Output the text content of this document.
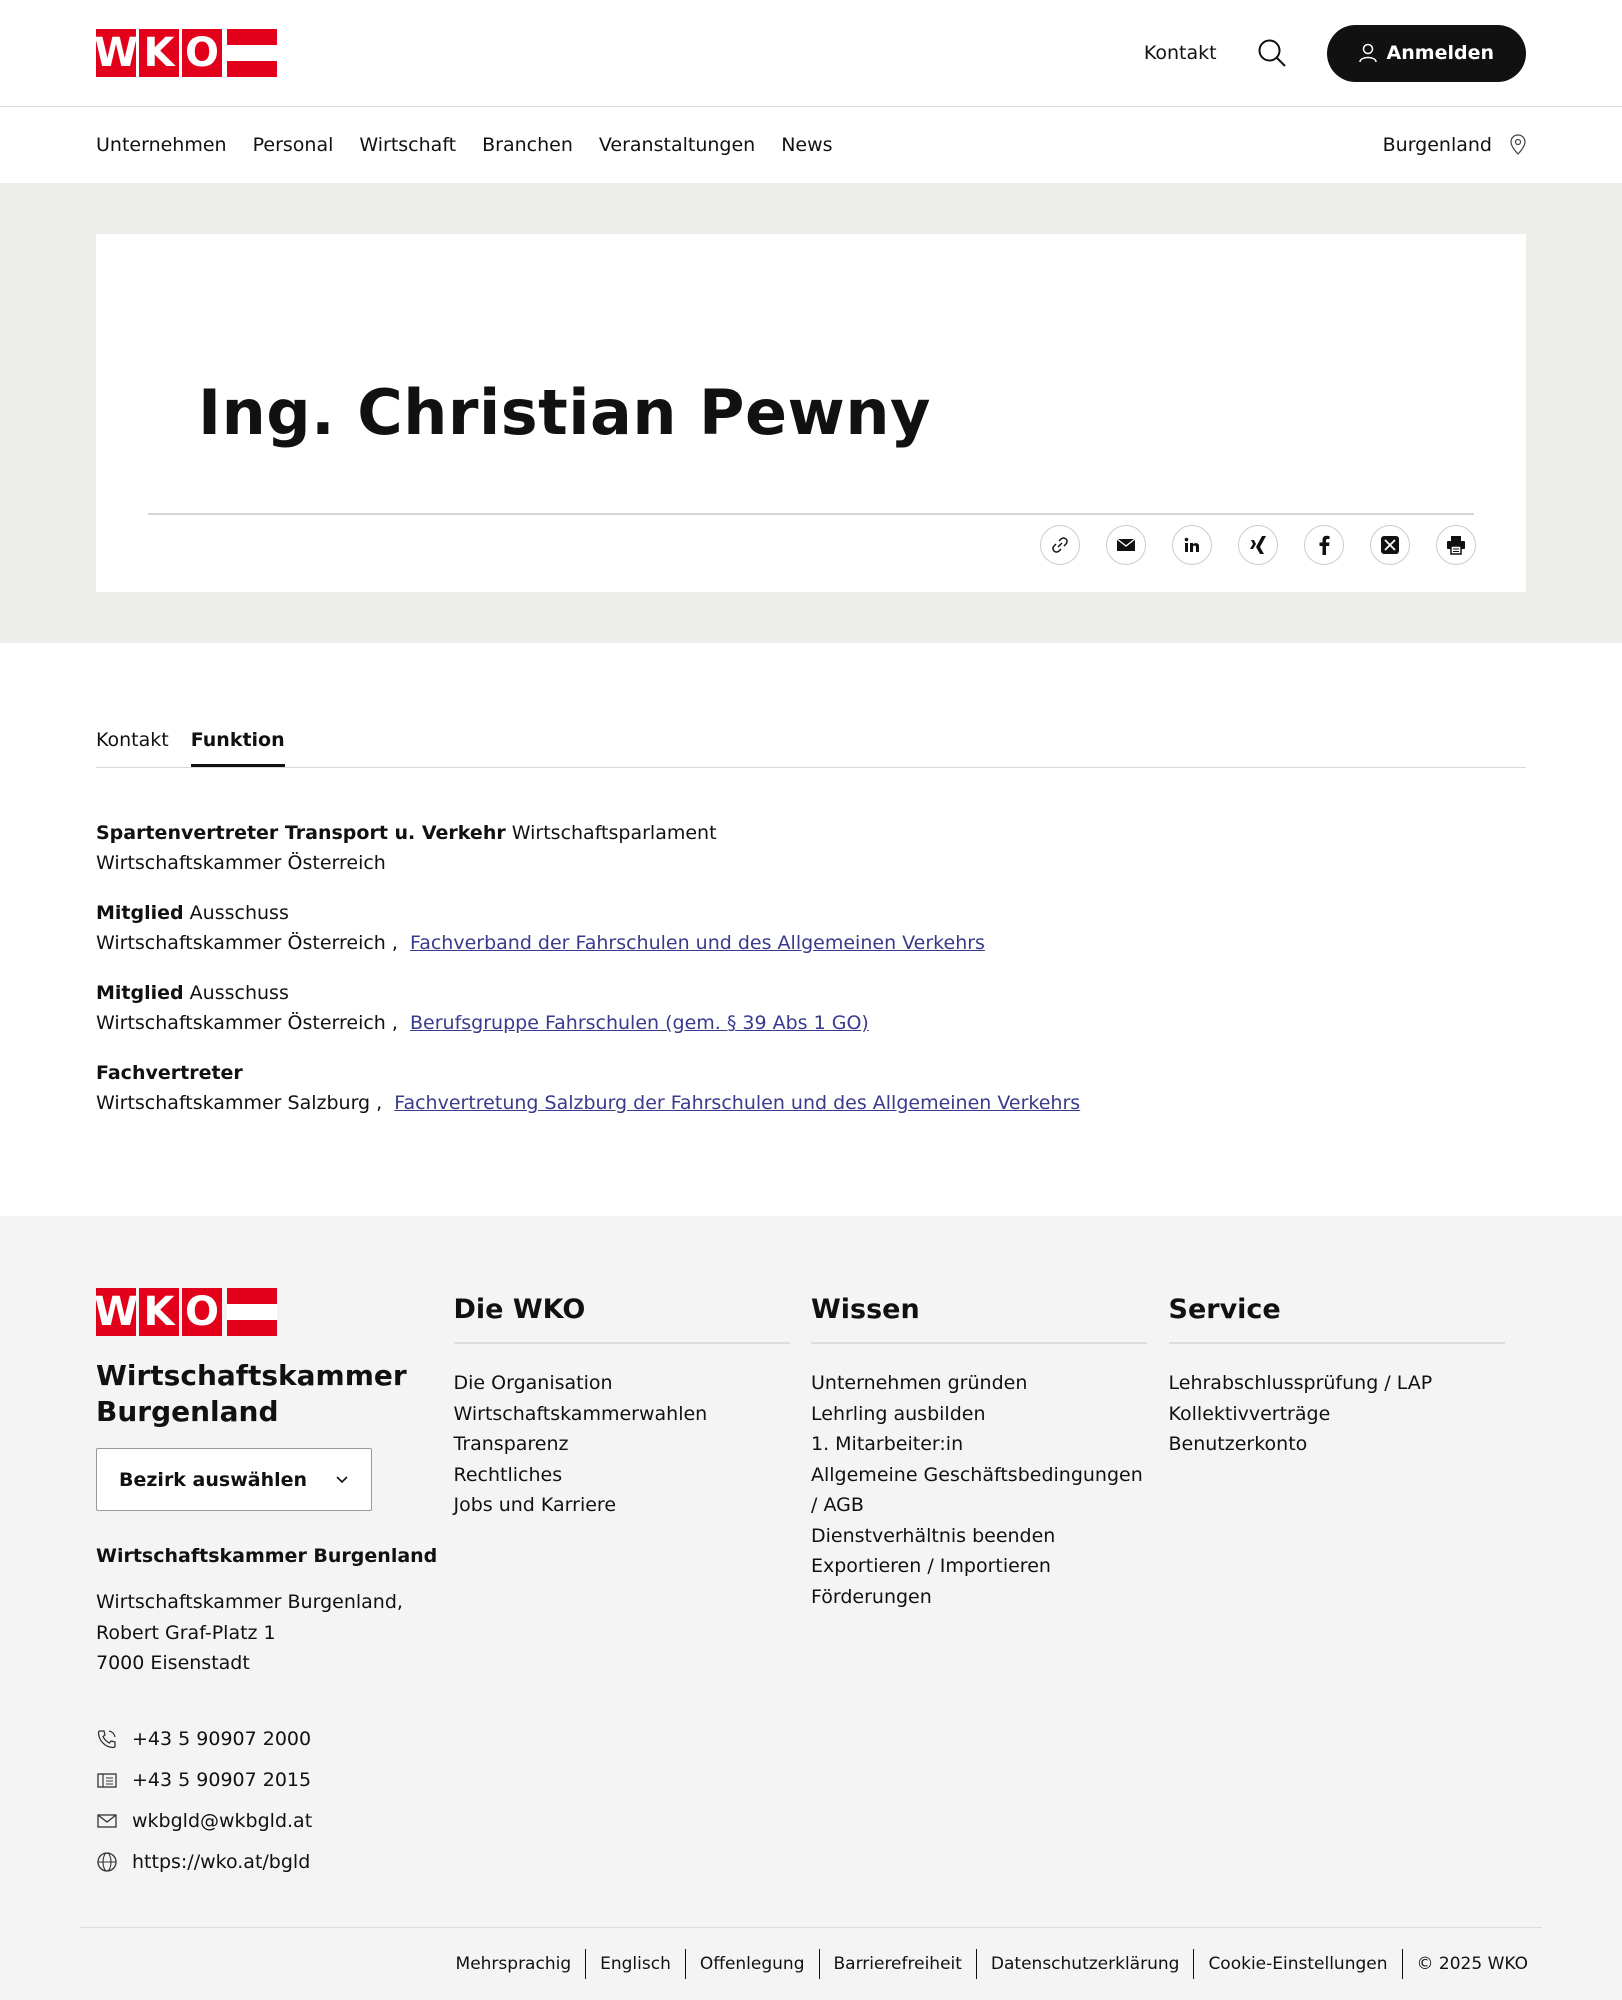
W K O	Kontakt	Anmelden
Unternehmen Personal Wirtschaft Branchen Veranstaltungen News	Burgenland
Ing. Christian Pewny
Kontakt Funktion
Spartenvertreter Transport u. Verkehr Wirtschaftsparlament
Wirtschaftskammer Österreich
Mitglied Ausschuss
Wirtschaftskammer Österreich , Fachverband der Fahrschulen und des Allgemeinen Verkehrs
Mitglied Ausschuss
Wirtschaftskammer Österreich , Berufsgruppe Fahrschulen (gem. § 39 Abs 1 GO)
Fachvertreter
Wirtschaftskammer Salzburg , Fachvertretung Salzburg der Fahrschulen und des Allgemeinen Verkehrs
W K O
Wirtschaftskammer
Burgenland
Bezirk auswählen
Wirtschaftskammer Burgenland
Wirtschaftskammer Burgenland,
Robert Graf-Platz 1
7000 Eisenstadt
+43 5 90907 2000
+43 5 90907 2015
wkbgld@wkbgld.at
https://wko.at/bgld
Die WKO
Die Organisation
Wirtschaftskammerwahlen
Transparenz
Rechtliches
Jobs und Karriere
Wissen
Unternehmen gründen
Lehrling ausbilden
1. Mitarbeiter:in
Allgemeine Geschäftsbedingungen / AGB
Dienstverhältnis beenden
Exportieren / Importieren
Förderungen
Service
Lehrabschlussprüfung / LAP
Kollektivverträge
Benutzerkonto
Mehrsprachig	Englisch	Offenlegung	Barrierefreiheit	Datenschutzerklärung	Cookie-Einstellungen	© 2025 WKO
